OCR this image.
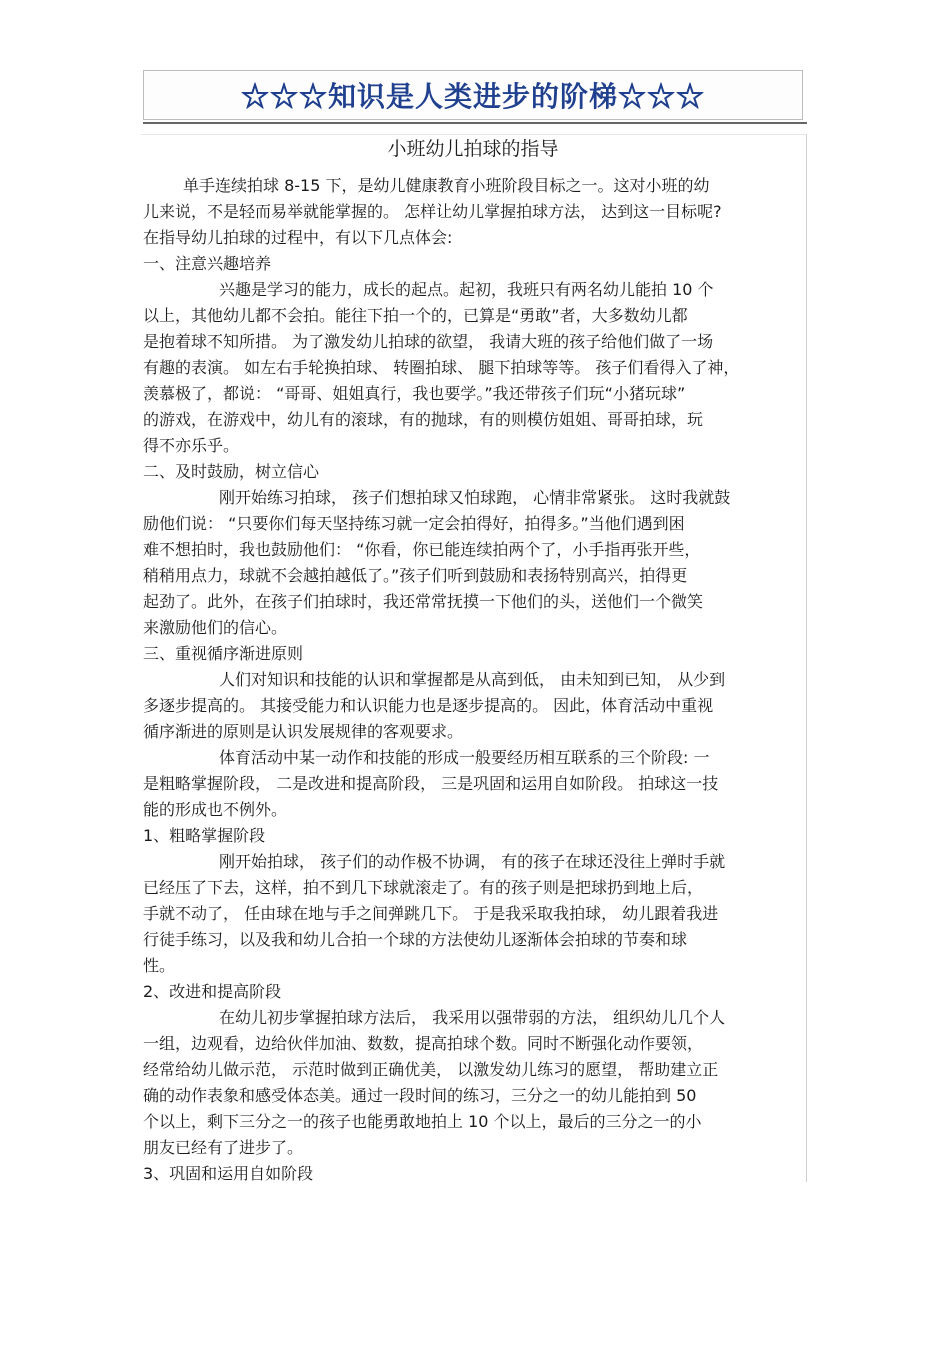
☆☆☆知识是人类进步的阶梯☆☆☆
小班幼儿拍球的指导
单手连续拍球 8-15 下，是幼儿健康教育小班阶段目标之一。这对小班的幼
儿来说，不是轻而易举就能掌握的。 怎样让幼儿掌握拍球方法， 达到这一目标呢?
在指导幼儿拍球的过程中，有以下几点体会:
一、注意兴趣培养
兴趣是学习的能力，成长的起点。起初，我班只有两名幼儿能拍 10 个
以上，其他幼儿都不会拍。能往下拍一个的，已算是“勇敢”者，大多数幼儿都
是抱着球不知所措。 为了激发幼儿拍球的欲望， 我请大班的孩子给他们做了一场
有趣的表演。 如左右手轮换拍球、 转圈拍球、 腿下拍球等等。 孩子们看得入了神，
羡慕极了，都说： “哥哥、姐姐真行，我也要学。”我还带孩子们玩“小猪玩球”
的游戏，在游戏中，幼儿有的滚球，有的抛球，有的则模仿姐姐、哥哥拍球，玩
得不亦乐乎。
二、及时鼓励，树立信心
刚开始练习拍球， 孩子们想拍球又怕球跑， 心情非常紧张。 这时我就鼓
励他们说： “只要你们每天坚持练习就一定会拍得好，拍得多。”当他们遇到困
难不想拍时，我也鼓励他们： “你看，你已能连续拍两个了，小手指再张开些，
稍稍用点力，球就不会越拍越低了。”孩子们听到鼓励和表扬特别高兴，拍得更
起劲了。此外，在孩子们拍球时，我还常常抚摸一下他们的头，送他们一个微笑
来激励他们的信心。
三、重视循序渐进原则
人们对知识和技能的认识和掌握都是从高到低， 由未知到已知， 从少到
多逐步提高的。 其接受能力和认识能力也是逐步提高的。 因此，体育活动中重视
循序渐进的原则是认识发展规律的客观要求。
体育活动中某一动作和技能的形成一般要经历相互联系的三个阶段: 一
是粗略掌握阶段， 二是改进和提高阶段， 三是巩固和运用自如阶段。 拍球这一技
能的形成也不例外。
1、粗略掌握阶段
刚开始拍球， 孩子们的动作极不协调， 有的孩子在球还没往上弹时手就
已经压了下去，这样，拍不到几下球就滚走了。有的孩子则是把球扔到地上后，
手就不动了， 任由球在地与手之间弹跳几下。 于是我采取我拍球， 幼儿跟着我进
行徒手练习，以及我和幼儿合拍一个球的方法使幼儿逐渐体会拍球的节奏和球
性。
2、改进和提高阶段
在幼儿初步掌握拍球方法后， 我采用以强带弱的方法， 组织幼儿几个人
一组，边观看，边给伙伴加油、数数，提高拍球个数。同时不断强化动作要领，
经常给幼儿做示范， 示范时做到正确优美， 以激发幼儿练习的愿望， 帮助建立正
确的动作表象和感受体态美。通过一段时间的练习，三分之一的幼儿能拍到 50
个以上，剩下三分之一的孩子也能勇敢地拍上 10 个以上，最后的三分之一的小
朋友已经有了进步了。
3、巩固和运用自如阶段
